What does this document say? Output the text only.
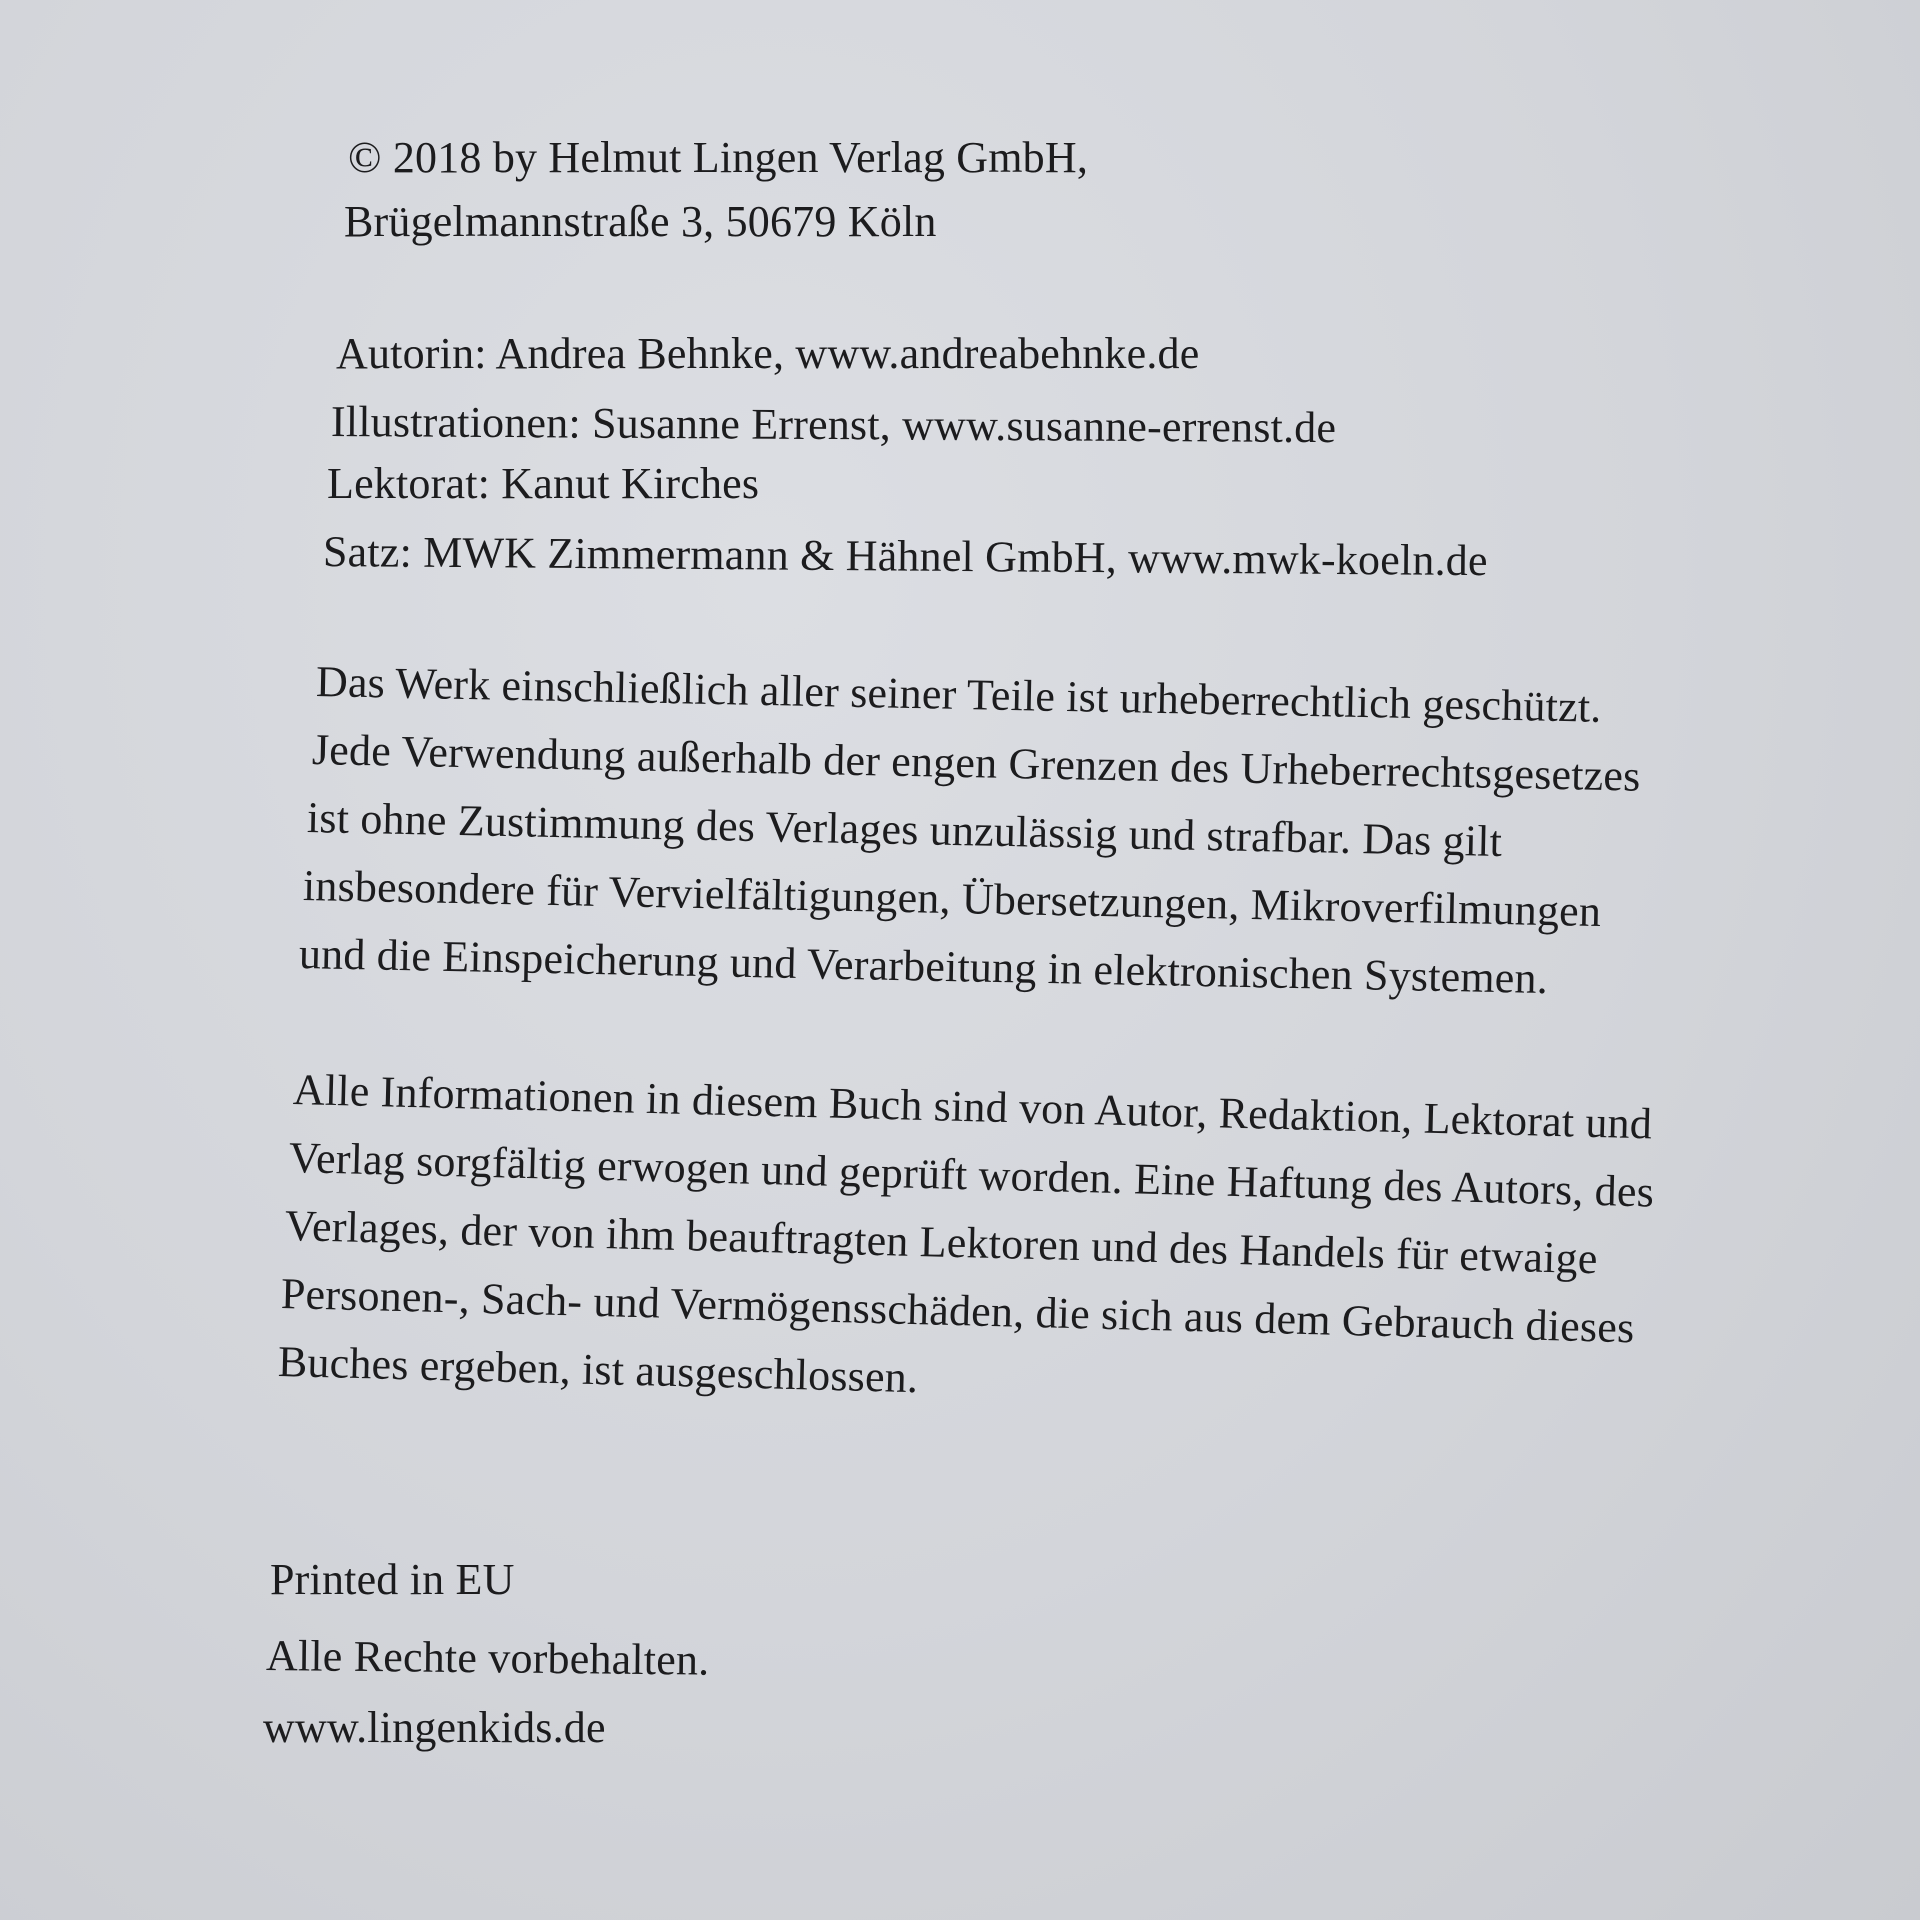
© 2018 by Helmut Lingen Verlag GmbH,
Brügelmannstraße 3, 50679 Köln
Autorin: Andrea Behnke, www.andreabehnke.de
Illustrationen: Susanne Errenst, www.susanne-errenst.de
Lektorat: Kanut Kirches
Satz: MWK Zimmermann & Hähnel GmbH, www.mwk-koeln.de
Das Werk einschließlich aller seiner Teile ist urheberrechtlich geschützt.
Jede Verwendung außerhalb der engen Grenzen des Urheberrechtsgesetzes
ist ohne Zustimmung des Verlages unzulässig und strafbar. Das gilt
insbesondere für Vervielfältigungen, Übersetzungen, Mikroverfilmungen
und die Einspeicherung und Verarbeitung in elektronischen Systemen.
Alle Informationen in diesem Buch sind von Autor, Redaktion, Lektorat und
Verlag sorgfältig erwogen und geprüft worden. Eine Haftung des Autors, des
Verlages, der von ihm beauftragten Lektoren und des Handels für etwaige
Personen-, Sach- und Vermögensschäden, die sich aus dem Gebrauch dieses
Buches ergeben, ist ausgeschlossen.
Printed in EU
Alle Rechte vorbehalten.
www.lingenkids.de
